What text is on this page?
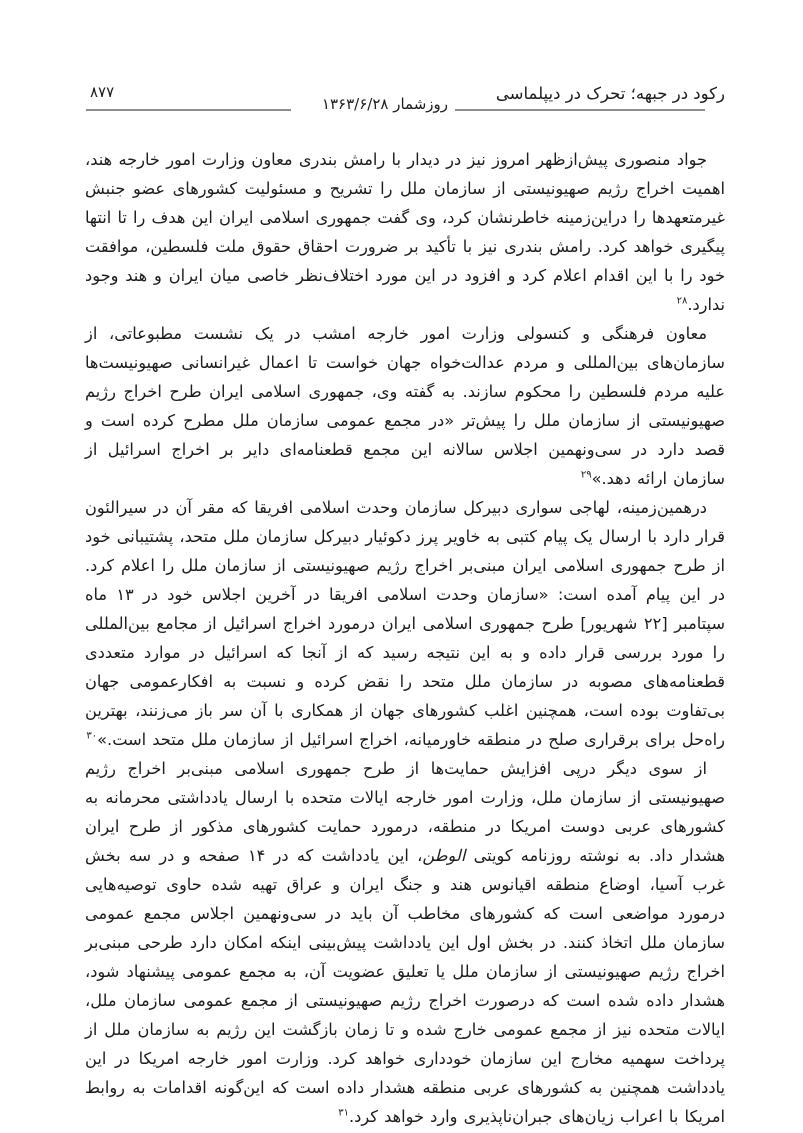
رکود در جبهه؛ تحرک در دیپلماسی
روزشمار ۱۳۶۳/۶/۲۸
۸۷۷

جواد منصوری پیش‌ازظهر امروز نیز در دیدار با رامش بندری معاون وزارت امور خارجه هند، اهمیت اخراج رژیم صهیونیستی از سازمان ملل را تشریح و مسئولیت کشورهای عضو جنبش غیرمتعهدها را دراین‌زمینه خاطرنشان کرد، وی گفت جمهوری اسلامی ایران این هدف را تا انتها پیگیری خواهد کرد. رامش بندری نیز با تأکید بر ضرورت احقاق حقوق ملت فلسطین، موافقت خود را با این اقدام اعلام کرد و افزود در این مورد اختلاف‌نظر خاصی میان ایران و هند وجود ندارد.$^{۲۸}$

معاون فرهنگی و کنسولی وزارت امور خارجه امشب در یک نشست مطبوعاتی، از سازمان‌های بین‌المللی و مردم عدالت‌خواه جهان خواست تا اعمال غیرانسانی صهیونیست‌ها علیه مردم فلسطین را محکوم سازند. به گفته وی، جمهوری اسلامی ایران طرح اخراج رژیم صهیونیستی از سازمان ملل را پیش‌تر «در مجمع عمومی سازمان ملل مطرح کرده است و قصد دارد در سی‌ونهمین اجلاس سالانه این مجمع قطعنامه‌ای دایر بر اخراج اسرائیل از سازمان ارائه دهد.»$^{۲۹}$

درهمین‌زمینه، لهاجی سواری دبیرکل سازمان وحدت اسلامی افریقا که مقر آن در سیرالئون قرار دارد با ارسال یک پیام کتبی به خاویر پرز دکوئیار دبیرکل سازمان ملل متحد، پشتیبانی خود از طرح جمهوری اسلامی ایران مبنی‌بر اخراج رژیم صهیونیستی از سازمان ملل را اعلام کرد. در این پیام آمده است: «سازمان وحدت اسلامی افریقا در آخرین اجلاس خود در ۱۳ ماه سپتامبر [۲۲ شهریور] طرح جمهوری اسلامی ایران درمورد اخراج اسرائیل از مجامع بین‌المللی را مورد بررسی قرار داده و به این نتیجه رسید که از آنجا که اسرائیل در موارد متعددی قطعنامه‌های مصوبه در سازمان ملل متحد را نقض کرده و نسبت به افکارعمومی جهان بی‌تفاوت بوده است، همچنین اغلب کشورهای جهان از همکاری با آن سر باز می‌زنند، بهترین راه‌حل برای برقراری صلح در منطقه خاورمیانه، اخراج اسرائیل از سازمان ملل متحد است.»$^{۳۰}$

از سوی دیگر درپی افزایش حمایت‌ها از طرح جمهوری اسلامی مبنی‌بر اخراج رژیم صهیونیستی از سازمان ملل، وزارت امور خارجه ایالات متحده با ارسال یادداشتی محرمانه به کشورهای عربی دوست امریکا در منطقه، درمورد حمایت کشورهای مذکور از طرح ایران هشدار داد. به نوشته روزنامه کویتی الوطن، این یادداشت که در ۱۴ صفحه و در سه بخش غرب آسیا، اوضاع منطقه اقیانوس هند و جنگ ایران و عراق تهیه شده حاوی توصیه‌هایی درمورد مواضعی است که کشورهای مخاطب آن باید در سی‌ونهمین اجلاس مجمع عمومی سازمان ملل اتخاذ کنند. در بخش اول این یادداشت پیش‌بینی اینکه امکان دارد طرحی مبنی‌بر اخراج رژیم صهیونیستی از سازمان ملل یا تعلیق عضویت آن، به مجمع عمومی پیشنهاد شود، هشدار داده شده است که درصورت اخراج رژیم صهیونیستی از مجمع عمومی سازمان ملل، ایالات متحده نیز از مجمع عمومی خارج شده و تا زمان بازگشت این رژیم به سازمان ملل از پرداخت سهمیه مخارج این سازمان خودداری خواهد کرد. وزارت امور خارجه امریکا در این یادداشت همچنین به کشورهای عربی منطقه هشدار داده است که این‌گونه اقدامات به روابط امریکا با اعراب زیان‌های جبران‌ناپذیری وارد خواهد کرد.$^{۳۱}$
